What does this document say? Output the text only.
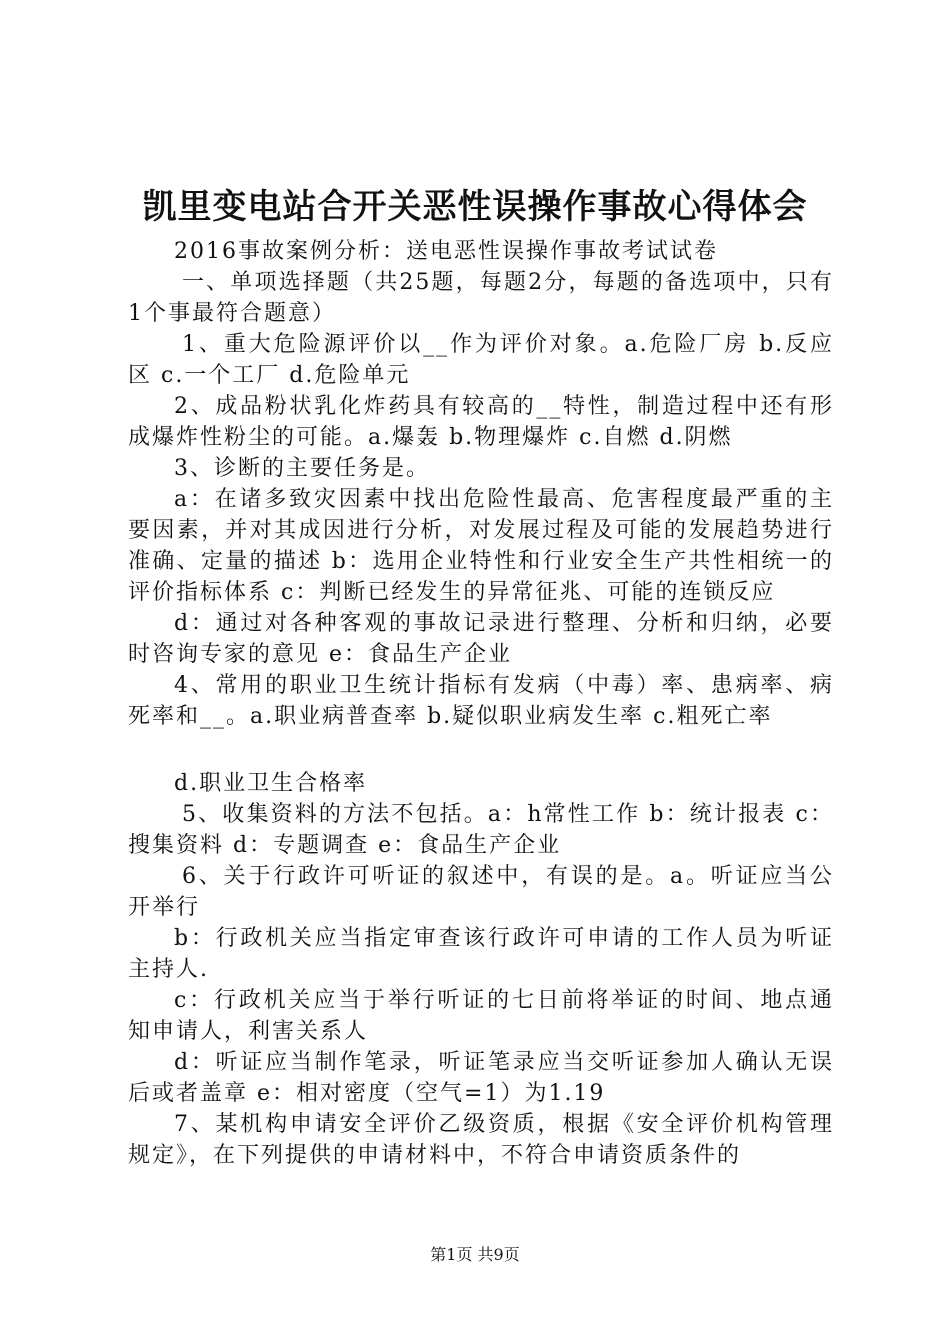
凯里变电站合开关恶性误操作事故心得体会

2016事故案例分析：送电恶性误操作事故考试试卷

一、单项选择题（共25题，每题2分，每题的备选项中，只有1个事最符合题意）

1、重大危险源评价以__作为评价对象。a.危险厂房 b.反应区 c.一个工厂 d.危险单元

2、成品粉状乳化炸药具有较高的__特性，制造过程中还有形成爆炸性粉尘的可能。a.爆轰 b.物理爆炸 c.自燃 d.阴燃

3、诊断的主要任务是。

a：在诸多致灾因素中找出危险性最高、危害程度最严重的主要因素，并对其成因进行分析，对发展过程及可能的发展趋势进行准确、定量的描述 b：选用企业特性和行业安全生产共性相统一的评价指标体系 c：判断已经发生的异常征兆、可能的连锁反应

d：通过对各种客观的事故记录进行整理、分析和归纳，必要时咨询专家的意见 e：食品生产企业

4、常用的职业卫生统计指标有发病（中毒）率、患病率、病死率和__。a.职业病普查率 b.疑似职业病发生率 c.粗死亡率

d.职业卫生合格率

5、收集资料的方法不包括。a：h常性工作 b：统计报表 c：搜集资料 d：专题调查 e：食品生产企业

6、关于行政许可听证的叙述中，有误的是。a。听证应当公开举行

b：行政机关应当指定审查该行政许可申请的工作人员为听证主持人.

c：行政机关应当于举行听证的七日前将举证的时间、地点通知申请人，利害关系人

d：听证应当制作笔录，听证笔录应当交听证参加人确认无误后或者盖章 e：相对密度（空气=1）为1.19

7、某机构申请安全评价乙级资质，根据《安全评价机构管理规定》，在下列提供的申请材料中，不符合申请资质条件的

第1页 共9页
